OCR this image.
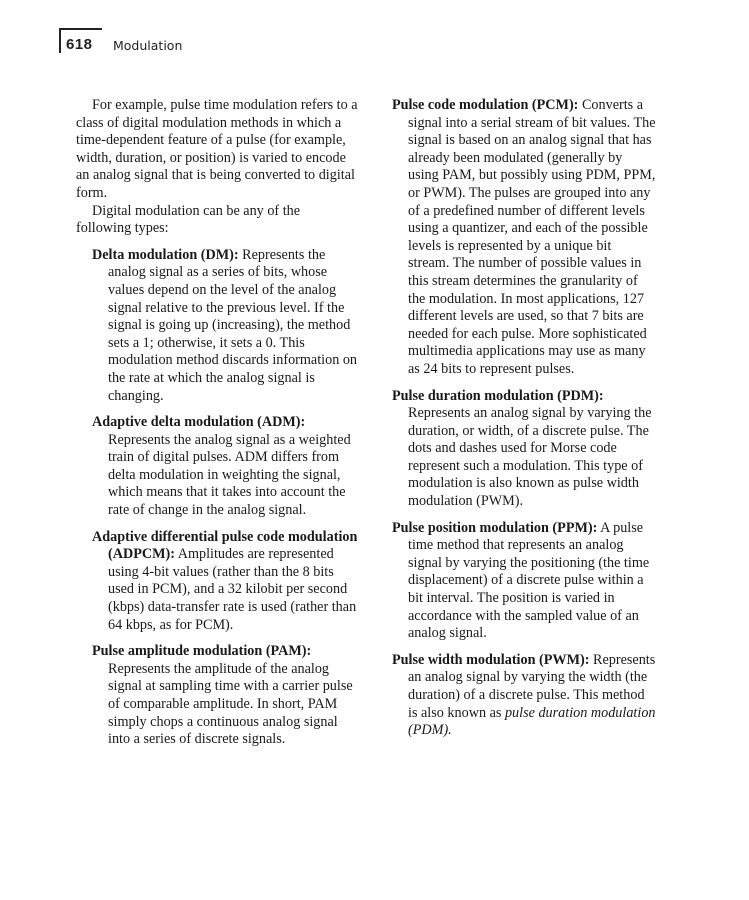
618 Modulation

For example, pulse time modulation refers to a class of digital modulation methods in which a time-dependent feature of a pulse (for example, width, duration, or position) is varied to encode an analog signal that is being converted to digital form.

Digital modulation can be any of the following types:

Delta modulation (DM): Represents the analog signal as a series of bits, whose values depend on the level of the analog signal relative to the previous level. If the signal is going up (increasing), the method sets a 1; otherwise, it sets a 0. This modulation method discards information on the rate at which the analog signal is changing.

Adaptive delta modulation (ADM): Represents the analog signal as a weighted train of digital pulses. ADM differs from delta modulation in weighting the signal, which means that it takes into account the rate of change in the analog signal.

Adaptive differential pulse code modulation (ADPCM): Amplitudes are represented using 4-bit values (rather than the 8 bits used in PCM), and a 32 kilobit per second (kbps) data-transfer rate is used (rather than 64 kbps, as for PCM).

Pulse amplitude modulation (PAM): Represents the amplitude of the analog signal at sampling time with a carrier pulse of comparable amplitude. In short, PAM simply chops a continuous analog signal into a series of discrete signals.

Pulse code modulation (PCM): Converts a signal into a serial stream of bit values. The signal is based on an analog signal that has already been modulated (generally by using PAM, but possibly using PDM, PPM, or PWM). The pulses are grouped into any of a predefined number of different levels using a quantizer, and each of the possible levels is represented by a unique bit stream. The number of possible values in this stream determines the granularity of the modulation. In most applications, 127 different levels are used, so that 7 bits are needed for each pulse. More sophisticated multimedia applications may use as many as 24 bits to represent pulses.

Pulse duration modulation (PDM): Represents an analog signal by varying the duration, or width, of a discrete pulse. The dots and dashes used for Morse code represent such a modulation. This type of modulation is also known as pulse width modulation (PWM).

Pulse position modulation (PPM): A pulse time method that represents an analog signal by varying the positioning (the time displacement) of a discrete pulse within a bit interval. The position is varied in accordance with the sampled value of an analog signal.

Pulse width modulation (PWM): Represents an analog signal by varying the width (the duration) of a discrete pulse. This method is also known as pulse duration modulation (PDM).
